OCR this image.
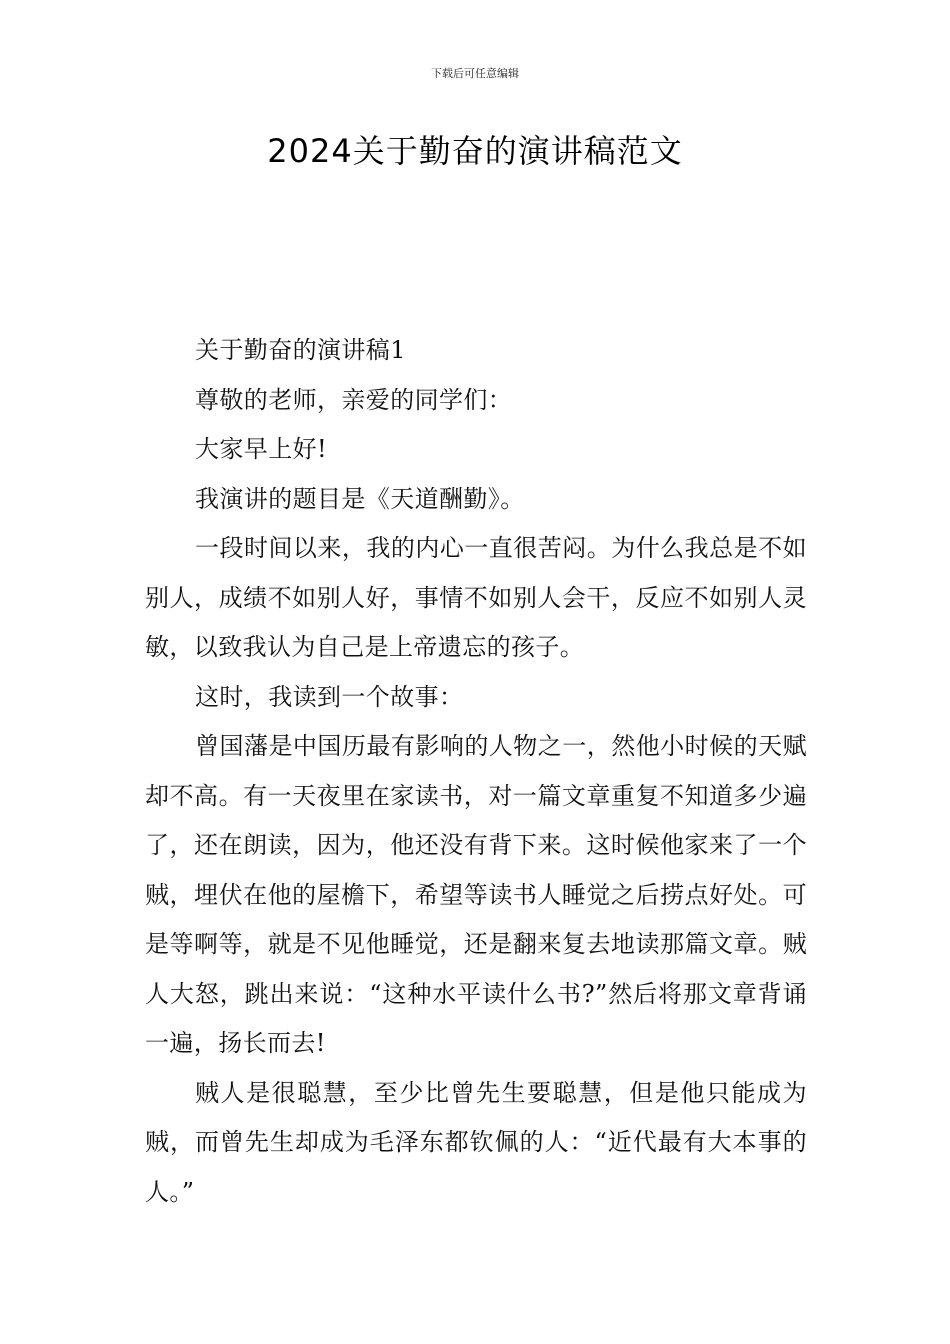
下载后可任意编辑
2024关于勤奋的演讲稿范文

关于勤奋的演讲稿1

尊敬的老师，亲爱的同学们：

大家早上好!

我演讲的题目是《天道酬勤》。

一段时间以来，我的内心一直很苦闷。为什么我总是不如别人，成绩不如别人好，事情不如别人会干，反应不如别人灵敏，以致我认为自己是上帝遗忘的孩子。

这时，我读到一个故事：

曾国藩是中国历最有影响的人物之一，然他小时候的天赋却不高。有一天夜里在家读书，对一篇文章重复不知道多少遍了，还在朗读，因为，他还没有背下来。这时候他家来了一个贼，埋伏在他的屋檐下，希望等读书人睡觉之后捞点好处。可是等啊等，就是不见他睡觉，还是翻来复去地读那篇文章。贼人大怒，跳出来说：“这种水平读什么书?”然后将那文章背诵一遍，扬长而去!

贼人是很聪慧，至少比曾先生要聪慧，但是他只能成为贼，而曾先生却成为毛泽东都钦佩的人：“近代最有大本事的人。”
